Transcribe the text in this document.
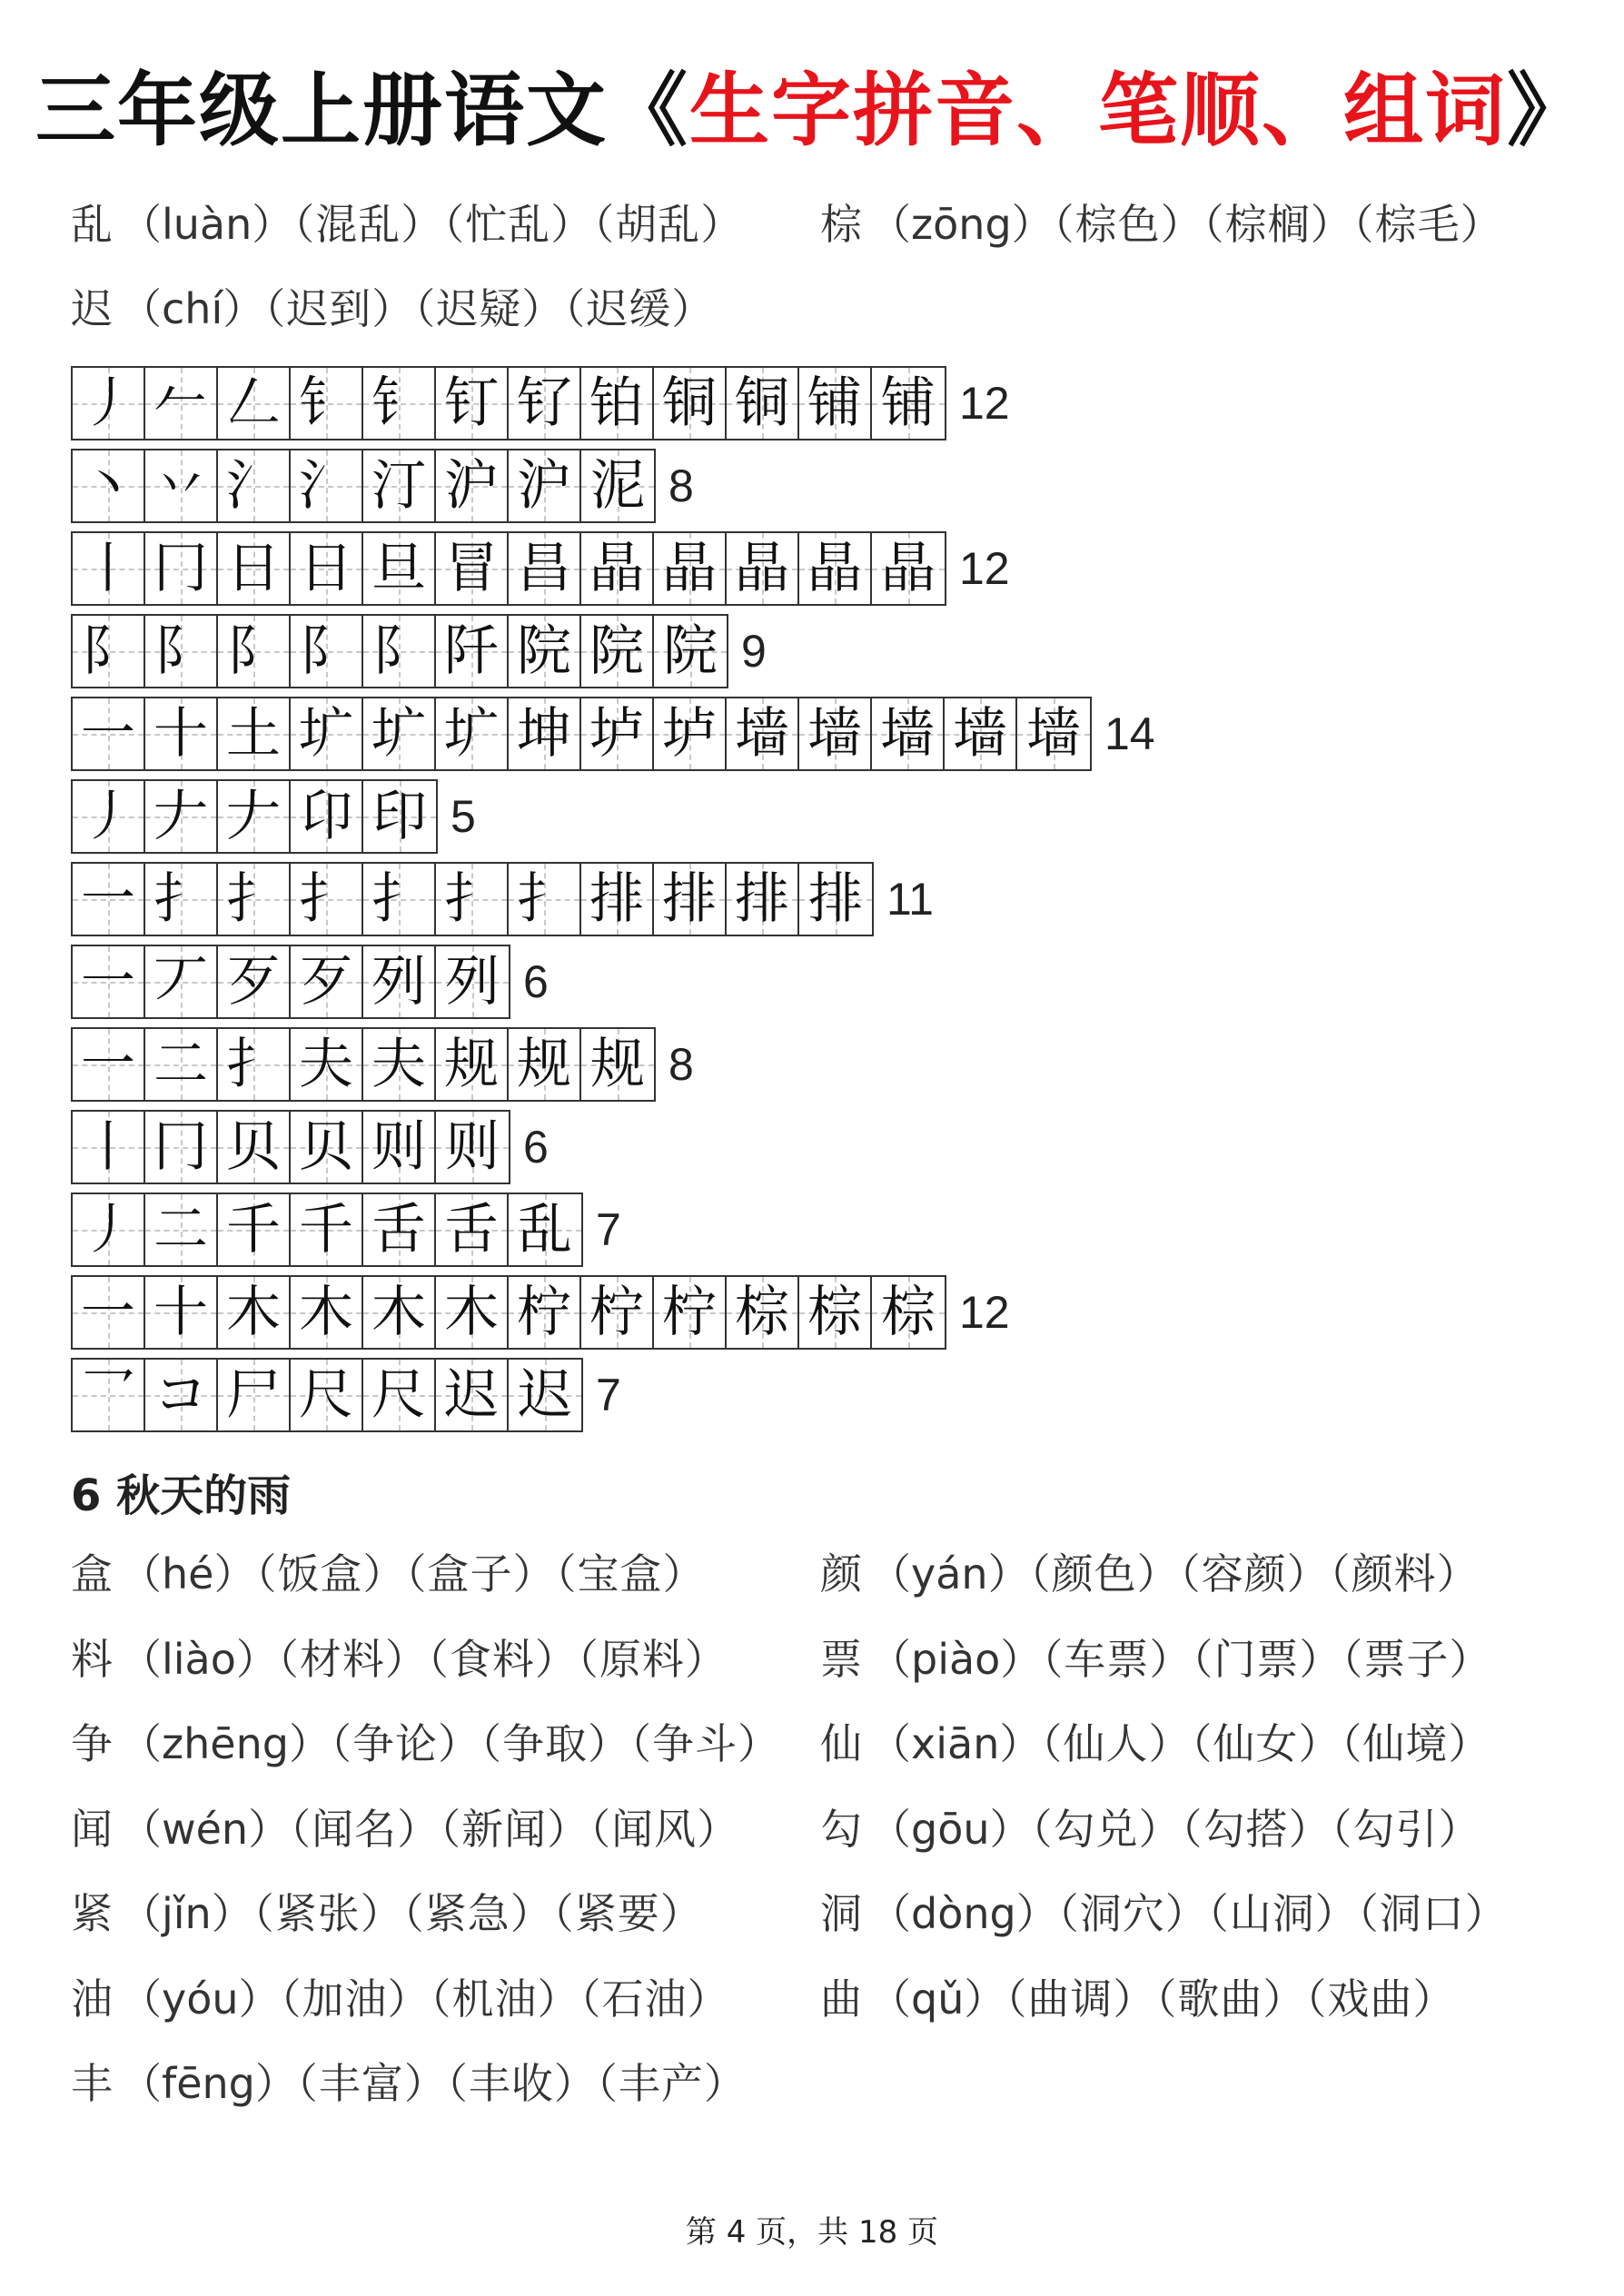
三年级上册语文《生字拼音、笔顺、组词》
乱 （luàn）（混乱）（忙乱）（胡乱） 棕 （zōng）（棕色）（棕榈）（棕毛）
迟 （chí）（迟到）（迟疑）（迟缓）
丿 𠂉 𠃋 钅 钅 钉 钌 铂 铜 铜 铺 铺 12
丶 丷 氵 氵 汀 沪 沪 泥 8
丨 冂 日 日 旦 冒 昌 晶 晶 晶 晶 晶 12
阝 阝 阝 阝 阝 阡 院 院 院 9
一 十 土 圹 圹 圹 坤 垆 垆 墙 墙 墙 墙 墙 14
丿 𠂇 𠂇 卬 印 5
一 扌 扌 扌 扌 扌 扌 排 排 排 排 11
一 丆 歹 歹 列 列 6
一 二 扌 夫 夫 规 规 规 8
丨 冂 贝 贝 则 则 6
丿 二 千 千 舌 舌 乱 7
一 十 木 木 木 木 柠 柠 柠 棕 棕 棕 12
乛 コ 尸 尺 尺 迟 迟 7
6 秋天的雨
盒 （hé）（饭盒）（盒子）（宝盒）	颜 （yán）（颜色）（容颜）（颜料）
料 （liào）（材料）（食料）（原料） 票 （piào）（车票）（门票）（票子）
争 （zhēng）（争论）（争取）（争斗） 仙 （xiān）（仙人）（仙女）（仙境）
闻 （wén）（闻名）（新闻）（闻风） 勾 （gōu）（勾兑）（勾搭）（勾引）
紧 （jǐn）（紧张）（紧急）（紧要）	洞 （dòng）（洞穴）（山洞）（洞口）
油 （yóu）（加油）（机油）（石油） 曲 （qǔ）（曲调）（歌曲）（戏曲）
丰 （fēng）（丰富）（丰收）（丰产）
第 4 页，共 18 页
